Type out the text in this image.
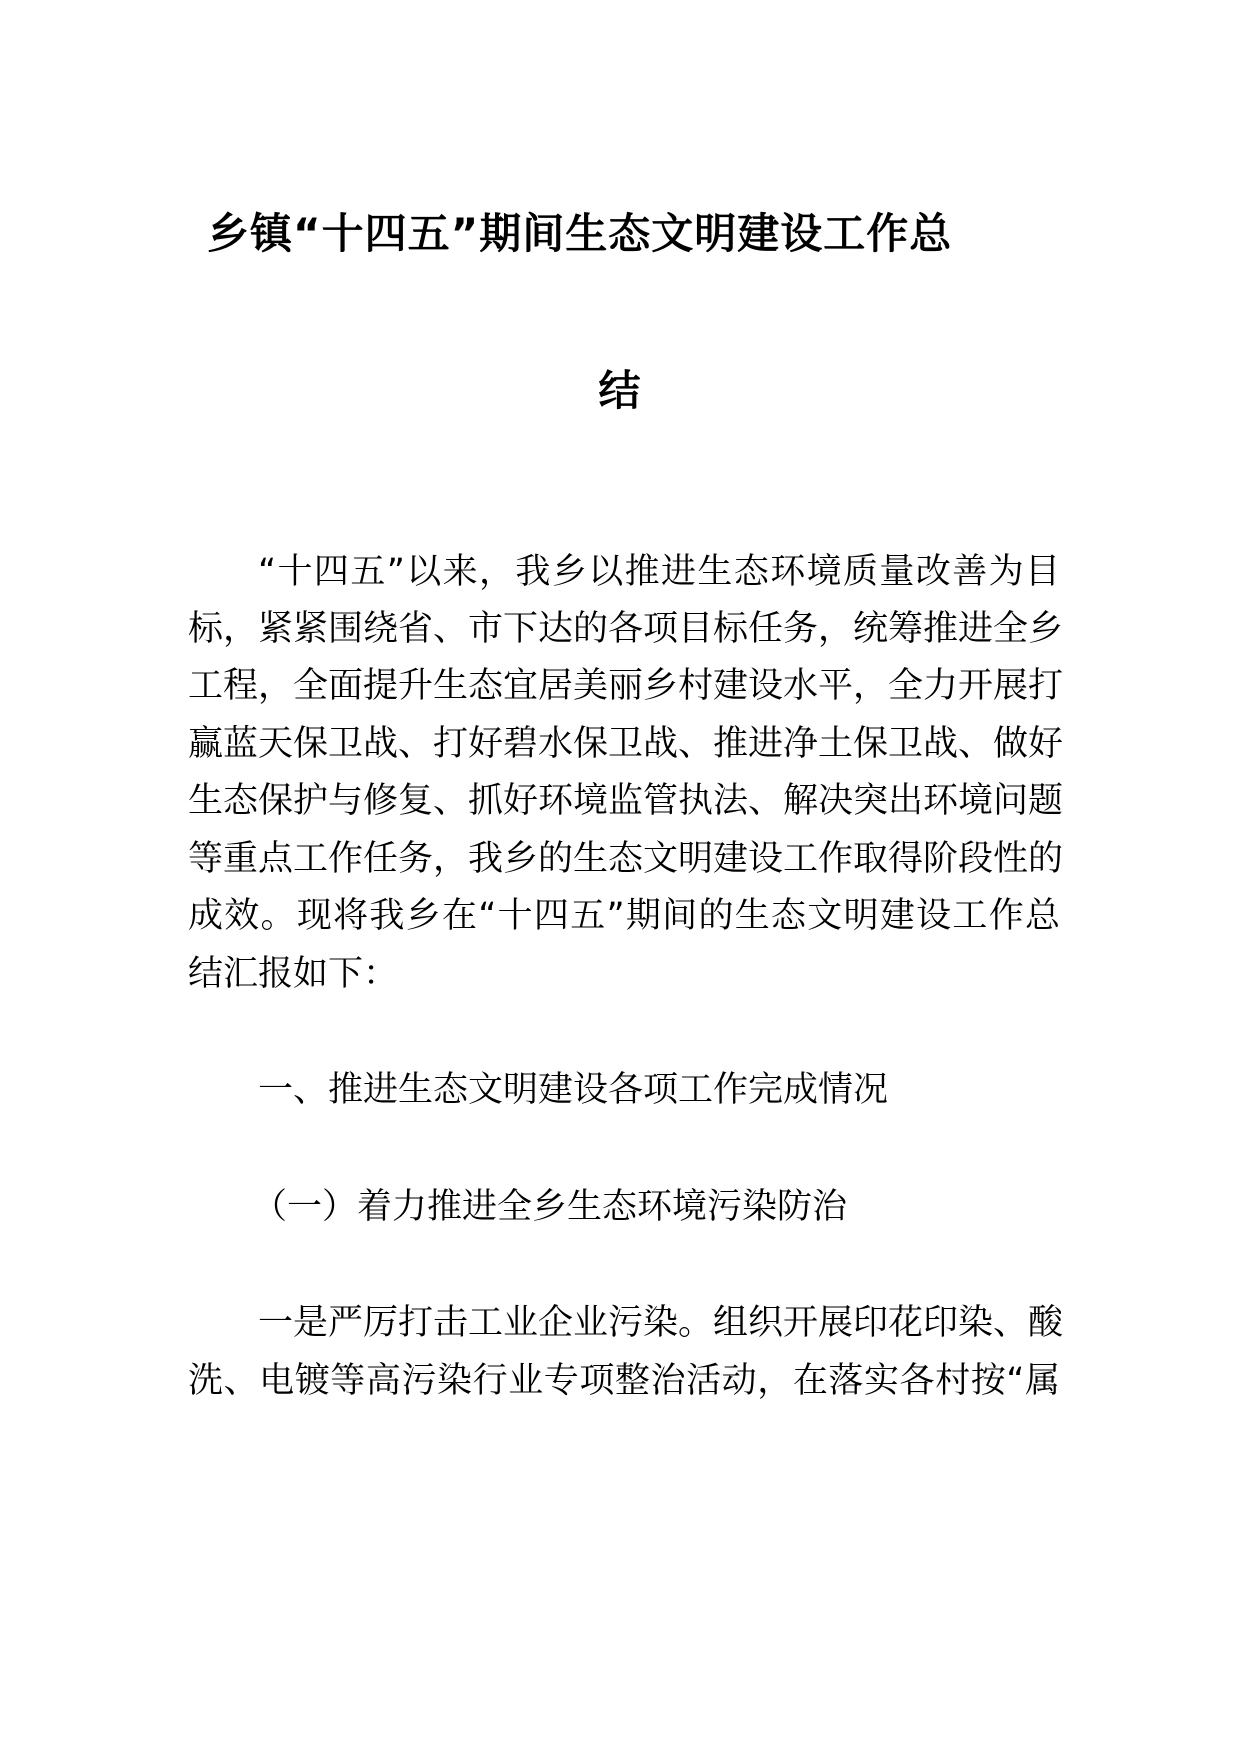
乡镇“十四五”期间生态文明建设工作总
结
“十四五”以来，我乡以推进生态环境质量改善为目
标，紧紧围绕省、市下达的各项目标任务，统筹推进全乡
工程，全面提升生态宜居美丽乡村建设水平，全力开展打
赢蓝天保卫战、打好碧水保卫战、推进净土保卫战、做好
生态保护与修复、抓好环境监管执法、解决突出环境问题
等重点工作任务，我乡的生态文明建设工作取得阶段性的
成效。现将我乡在“十四五”期间的生态文明建设工作总
结汇报如下：
一、推进生态文明建设各项工作完成情况
（一）着力推进全乡生态环境污染防治
一是严厉打击工业企业污染。组织开展印花印染、酸
洗、电镀等高污染行业专项整治活动，在落实各村按“属
